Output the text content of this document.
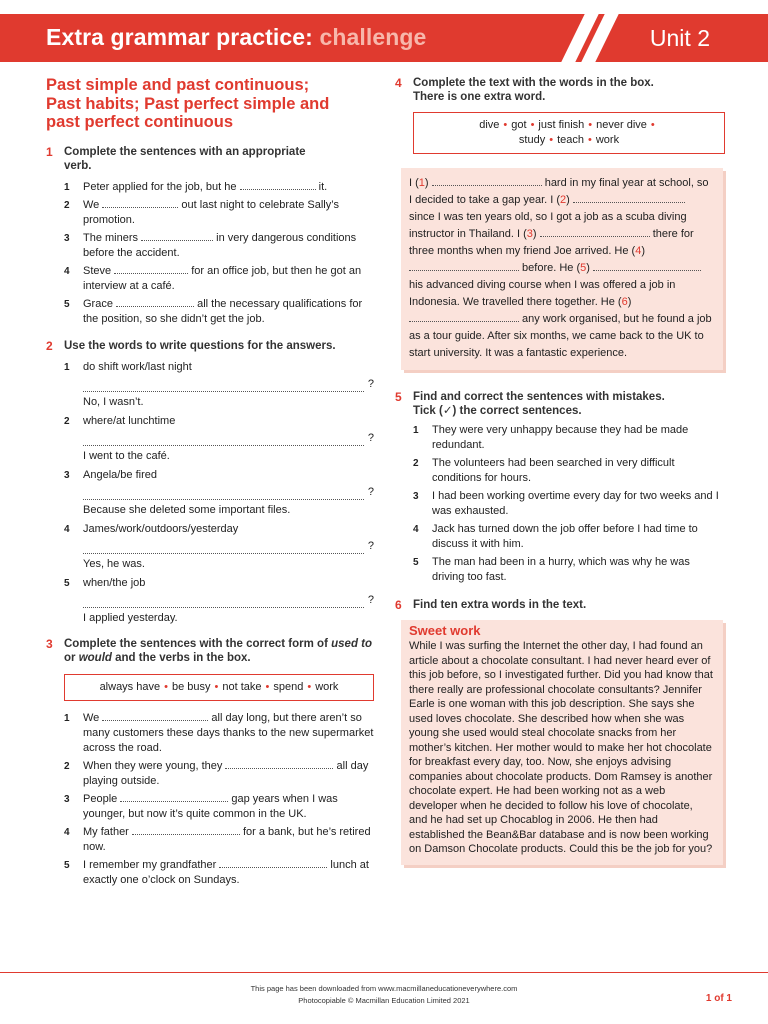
Extra grammar practice: challenge	Unit 2
Past simple and past continuous;
Past habits; Past perfect simple and
past perfect continuous
1 Complete the sentences with an appropriate
verb.
1 Peter applied for the job, but he	it.
2 We	out last night to celebrate Sally’s promotion.
3 The miners	in very dangerous conditions before the accident.
4 Steve	for an office job, but then he got an interview at a café.
5 Grace	all the necessary qualifications for the position, so she didn’t get the job.
2 Use the words to write questions for the answers.
1 do shift work/last night
?
No, I wasn’t.
2 where/at lunchtime
?
I went to the café.
3 Angela/be fired
?
Because she deleted some important files.
4 James/work/outdoors/yesterday
?
Yes, he was.
5 when/the job
?
I applied yesterday.
3 Complete the sentences with the correct form of used to or would and the verbs in the box.
always have • be busy • not take • spend • work
1 We	all day long, but there aren’t so many customers these days thanks to the new supermarket across the road.
2 When they were young, they	all day playing outside.
3 People	gap years when I was younger, but now it’s quite common in the UK.
4 My father	for a bank, but he’s retired now.
5 I remember my grandfather	lunch at exactly one o’clock on Sundays.
4 Complete the text with the words in the box.
There is one extra word.
dive • got • just finish • never dive •
study • teach • work
I (1)	hard in my final year at school, so I decided to take a gap year. I (2)  since I was ten years old, so I got a job as a scuba diving instructor in Thailand. I (3)	there for three months when my friend Joe arrived. He (4)  before. He (5)  his advanced diving course when I was offered a job in Indonesia. We travelled there together. He (6)  any work organised, but he found a job as a tour guide. After six months, we came back to the UK to start university. It was a fantastic experience.
5 Find and correct the sentences with mistakes.
Tick (✓) the correct sentences.
1 They were very unhappy because they had be made redundant.
2 The volunteers had been searched in very difficult conditions for hours.
3 I had been working overtime every day for two weeks and I was exhausted.
4 Jack has turned down the job offer before I had time to discuss it with him.
5 The man had been in a hurry, which was why he was driving too fast.
6 Find ten extra words in the text.
Sweet work
While I was surfing the Internet the other day, I had found an article about a chocolate consultant. I had never heard ever of this job before, so I investigated further. Did you had know that there really are professional chocolate consultants? Jennifer Earle is one woman with this job description. She says she used loves chocolate. She described how when she was young she used would steal chocolate snacks from her mother’s kitchen. Her mother would to make her hot chocolate for breakfast every day, too. Now, she enjoys advising companies about chocolate products. Dom Ramsey is another chocolate expert. He had been working not as a web developer when he decided to follow his love of chocolate, and he had set up Chocablog in 2006. He then had established the Bean&Bar database and is now been working on Damson Chocolate products. Could this be the job for you?
This page has been downloaded from www.macmillaneducationeverywhere.com
Photocopiable © Macmillan Education Limited 2021	1 of 1
